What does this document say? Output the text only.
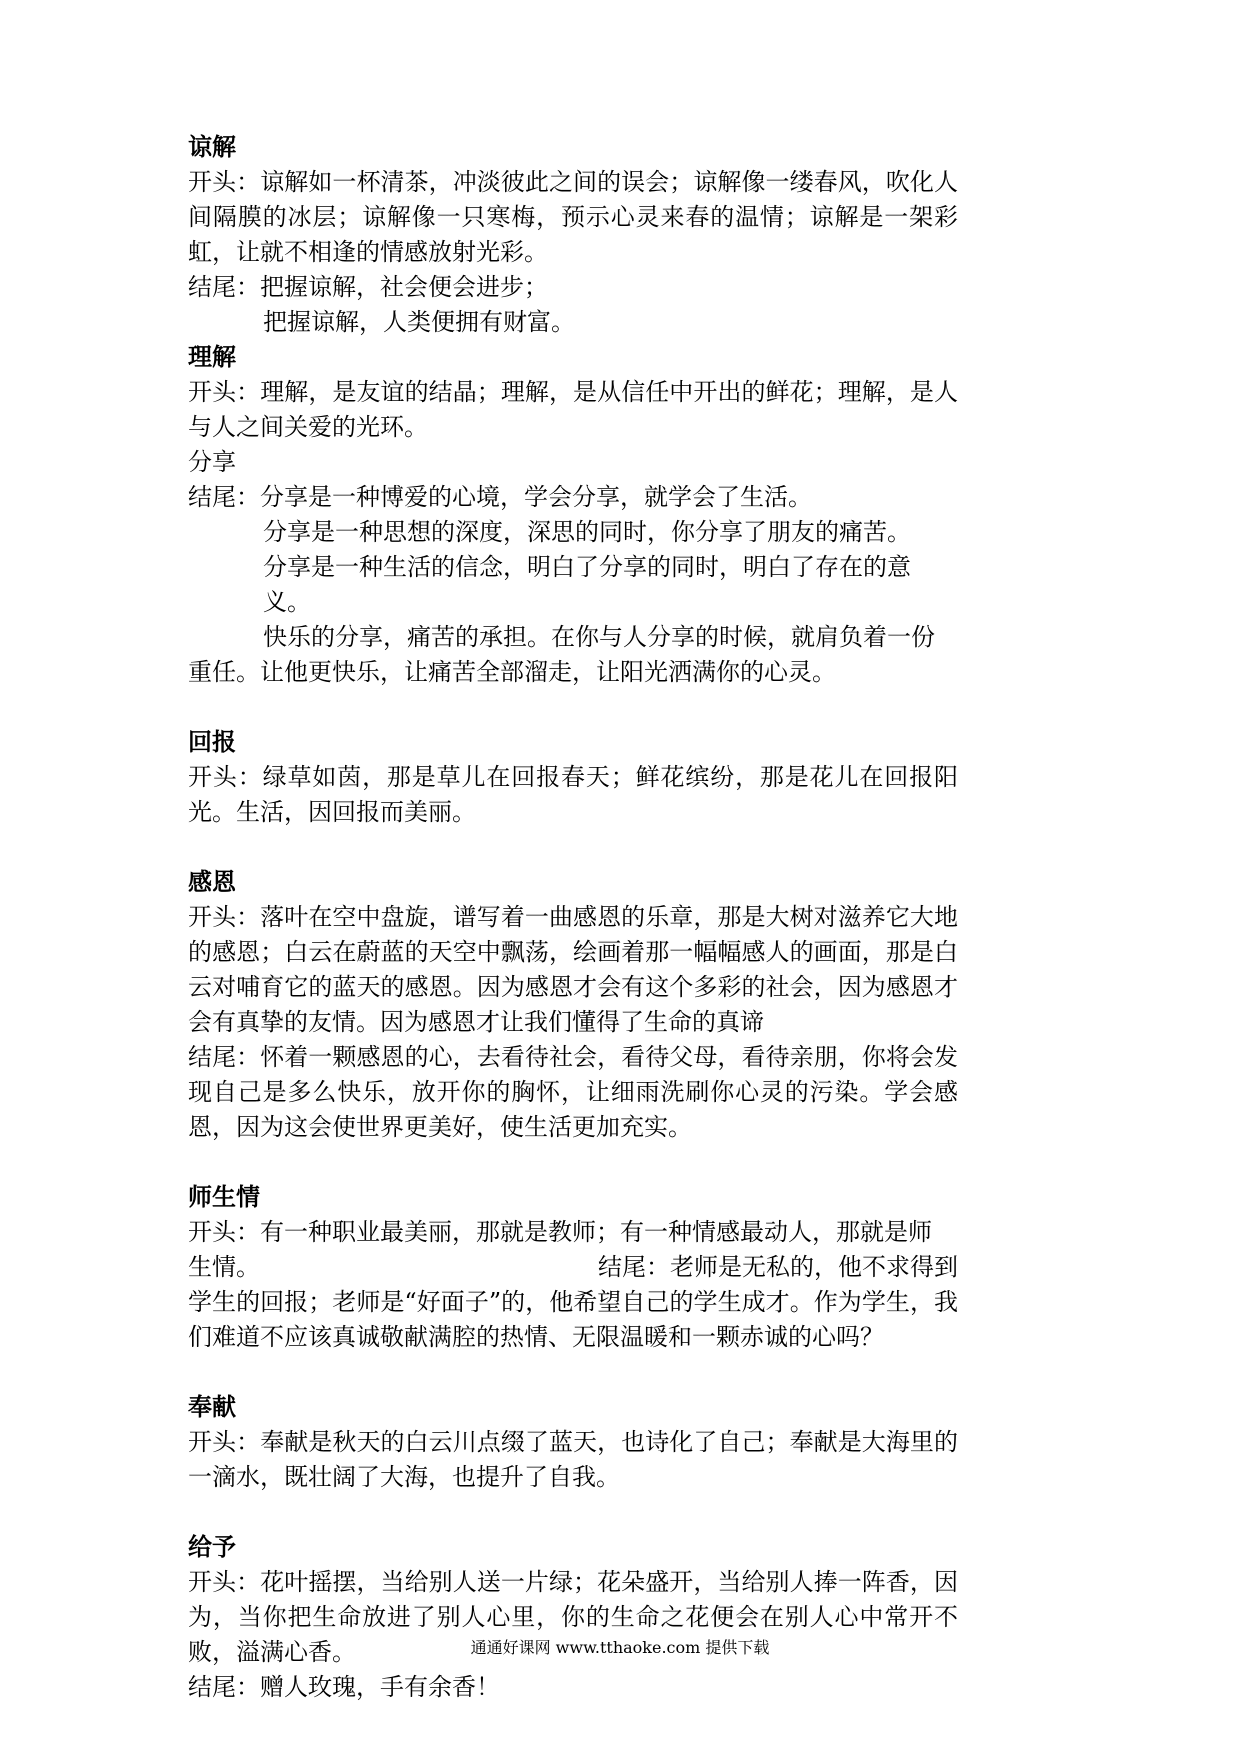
谅解

开头：谅解如一杯清茶，冲淡彼此之间的误会；谅解像一缕春风，吹化人间隔膜的冰层；谅解像一只寒梅，预示心灵来春的温情；谅解是一架彩虹，让就不相逢的情感放射光彩。

结尾：把握谅解，社会便会进步；

把握谅解，人类便拥有财富。

理解

开头：理解，是友谊的结晶；理解，是从信任中开出的鲜花；理解，是人与人之间关爱的光环。

分享

结尾：分享是一种博爱的心境，学会分享，就学会了生活。

分享是一种思想的深度，深思的同时，你分享了朋友的痛苦。

分享是一种生活的信念，明白了分享的同时，明白了存在的意义。

快乐的分享，痛苦的承担。在你与人分享的时候，就肩负着一份

重任。让他更快乐，让痛苦全部溜走，让阳光洒满你的心灵。

回报

开头：绿草如茵，那是草儿在回报春天；鲜花缤纷，那是花儿在回报阳光。生活，因回报而美丽。

感恩

开头：落叶在空中盘旋，谱写着一曲感恩的乐章，那是大树对滋养它大地的感恩；白云在蔚蓝的天空中飘荡，绘画着那一幅幅感人的画面，那是白云对哺育它的蓝天的感恩。因为感恩才会有这个多彩的社会，因为感恩才会有真挚的友情。因为感恩才让我们懂得了生命的真谛

结尾：怀着一颗感恩的心，去看待社会，看待父母，看待亲朋，你将会发现自己是多么快乐，放开你的胸怀，让细雨洗刷你心灵的污染。学会感恩，因为这会使世界更美好，使生活更加充实。

师生情

开头：有一种职业最美丽，那就是教师；有一种情感最动人，那就是师

生情。	结尾：老师是无私的，他不求得到

学生的回报；老师是“好面子”的，他希望自己的学生成才。作为学生，我们难道不应该真诚敬献满腔的热情、无限温暖和一颗赤诚的心吗？

奉献

开头：奉献是秋天的白云川点缀了蓝天，也诗化了自己；奉献是大海里的一滴水，既壮阔了大海，也提升了自我。

给予

开头：花叶摇摆，当给别人送一片绿；花朵盛开，当给别人捧一阵香，因为，当你把生命放进了别人心里，你的生命之花便会在别人心中常开不败，溢满心香。

结尾：赠人玫瑰，手有余香！

通通好课网 www.tthaoke.com 提供下载
